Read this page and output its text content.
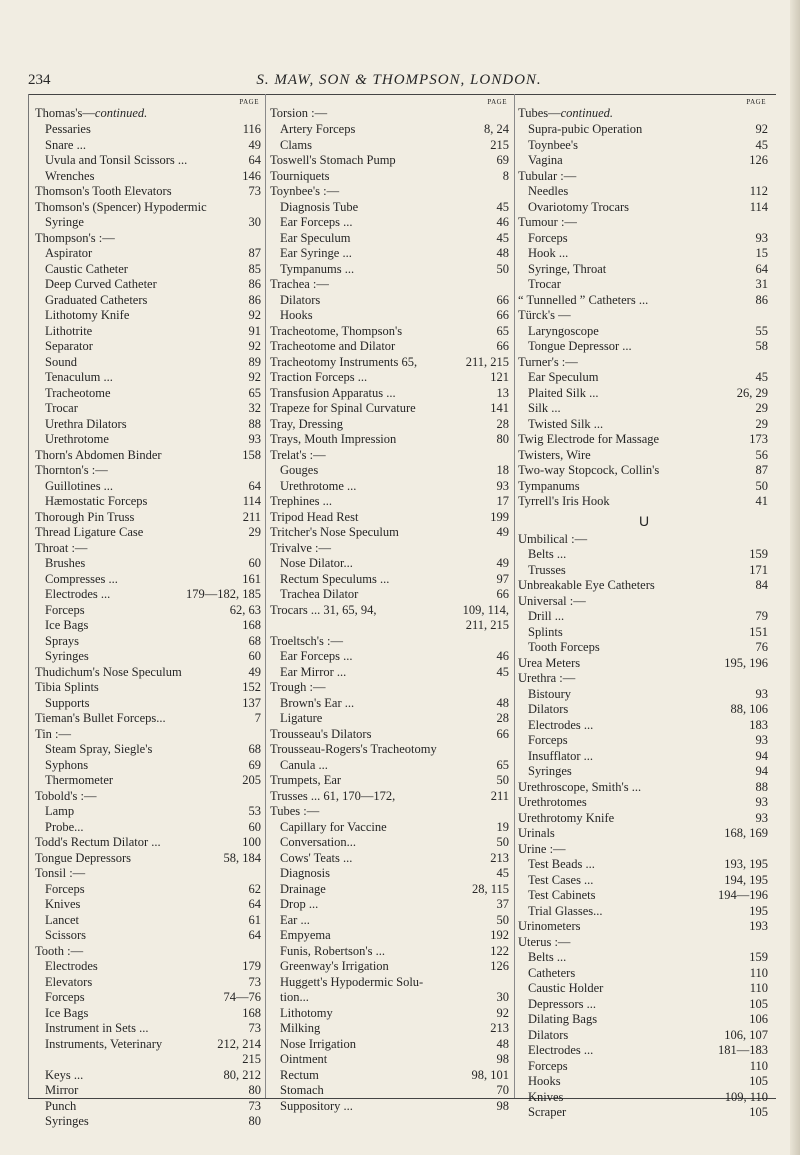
234	S. MAW, SON & THOMPSON, LONDON.
Thomas's—continued.
PAGE
Pessaries	116
Snare ...	49
Uvula and Tonsil Scissors ...	64
Wrenches	146
Thomson's Tooth Elevators	73
Thomson's (Spencer) Hypodermic
Syringe	30
Thompson's :—
Aspirator	87
Caustic Catheter	85
Deep Curved Catheter	86
Graduated Catheters	86
Lithotomy Knife	92
Lithotrite	91
Separator	92
Sound	89
Tenaculum ...	92
Tracheotome	65
Trocar	32
Urethra Dilators	88
Urethrotome	93
Thorn's Abdomen Binder	158
Thornton's :—
Guillotines ...	64
Hæmostatic Forceps	114
Thorough Pin Truss	211
Thread Ligature Case	29
Throat :—
Brushes	60
Compresses ...	161
Electrodes ...	179—182, 185
Forceps	62, 63
Ice Bags	168
Sprays	68
Syringes	60
Thudichum's Nose Speculum	49
Tibia Splints	152
Supports	137
Tieman's Bullet Forceps...	7
Tin :—
Steam Spray, Siegle's	68
Syphons	69
Thermometer	205
Tobold's :—
Lamp	53
Probe...	60
Todd's Rectum Dilator ...	100
Tongue Depressors	58, 184
Tonsil :—
Forceps	62
Knives	64
Lancet	61
Scissors	64
Tooth :—
Electrodes	179
Elevators	73
Forceps	74—76
Ice Bags	168
Instrument in Sets ...	73
Instruments, Veterinary	212, 214
215
Keys ...	80, 212
Mirror	80
Punch	73
Syringes	80
Torsion :—
PAGE
Artery Forceps	8, 24
Clams	215
Toswell's Stomach Pump	69
Tourniquets	8
Toynbee's :—
Diagnosis Tube	45
Ear Forceps ...	46
Ear Speculum	45
Ear Syringe ...	48
Tympanums ...	50
Trachea :—
Dilators	66
Hooks	66
Tracheotome, Thompson's	65
Tracheotome and Dilator	66
Tracheotomy Instruments 65,	211, 215
Traction Forceps ...	121
Transfusion Apparatus ...	13
Trapeze for Spinal Curvature	141
Tray, Dressing	28
Trays, Mouth Impression	80
Trelat's :—
Gouges	18
Urethrotome ...	93
Trephines ...	17
Tripod Head Rest	199
Tritcher's Nose Speculum	49
Trivalve :—
Nose Dilator...	49
Rectum Speculums ...	97
Trachea Dilator	66
Trocars ... 31, 65, 94,	109, 114,
211, 215
Troeltsch's :—
Ear Forceps ...	46
Ear Mirror ...	45
Trough :—
Brown's Ear ...	48
Ligature	28
Trousseau's Dilators	66
Trousseau-Rogers's Tracheotomy
Canula ...	65
Trumpets, Ear	50
Trusses ... 61, 170—172,	211
Tubes :—
Capillary for Vaccine	19
Conversation...	50
Cows' Teats ...	213
Diagnosis	45
Drainage	28, 115
Drop ...	37
Ear ...	50
Empyema	192
Funis, Robertson's ...	122
Greenway's Irrigation	126
Huggett's Hypodermic Solu-
tion...	30
Lithotomy	92
Milking	213
Nose Irrigation	48
Ointment	98
Rectum	98, 101
Stomach	70
Suppository ...	98
Tubes—continued.
PAGE
Supra-pubic Operation	92
Toynbee's	45
Vagina	126
Tubular :—
Needles	112
Ovariotomy Trocars	114
Tumour :—
Forceps	93
Hook ...	15
Syringe, Throat	64
Trocar	31
“ Tunnelled ” Catheters ...	86
Türck's —
Laryngoscope	55
Tongue Depressor ...	58
Turner's :—
Ear Speculum	45
Plaited Silk ...	26, 29
Silk ...	29
Twisted Silk ...	29
Twig Electrode for Massage	173
Twisters, Wire	56
Two-way Stopcock, Collin's	87
Tympanums	50
Tyrrell's Iris Hook	41
U
Umbilical :—
Belts ...	159
Trusses	171
Unbreakable Eye Catheters	84
Universal :—
Drill ...	79
Splints	151
Tooth Forceps	76
Urea Meters	195, 196
Urethra :—
Bistoury	93
Dilators	88, 106
Electrodes ...	183
Forceps	93
Insufflator ...	94
Syringes	94
Urethroscope, Smith's ...	88
Urethrotomes	93
Urethrotomy Knife	93
Urinals	168, 169
Urine :—
Test Beads ...	193, 195
Test Cases ...	194, 195
Test Cabinets	194—196
Trial Glasses...	195
Urinometers	193
Uterus :—
Belts ...	159
Catheters	110
Caustic Holder	110
Depressors ...	105
Dilating Bags	106
Dilators	106, 107
Electrodes ...	181—183
Forceps	110
Hooks	105
Knives	109, 110
Scraper	105
